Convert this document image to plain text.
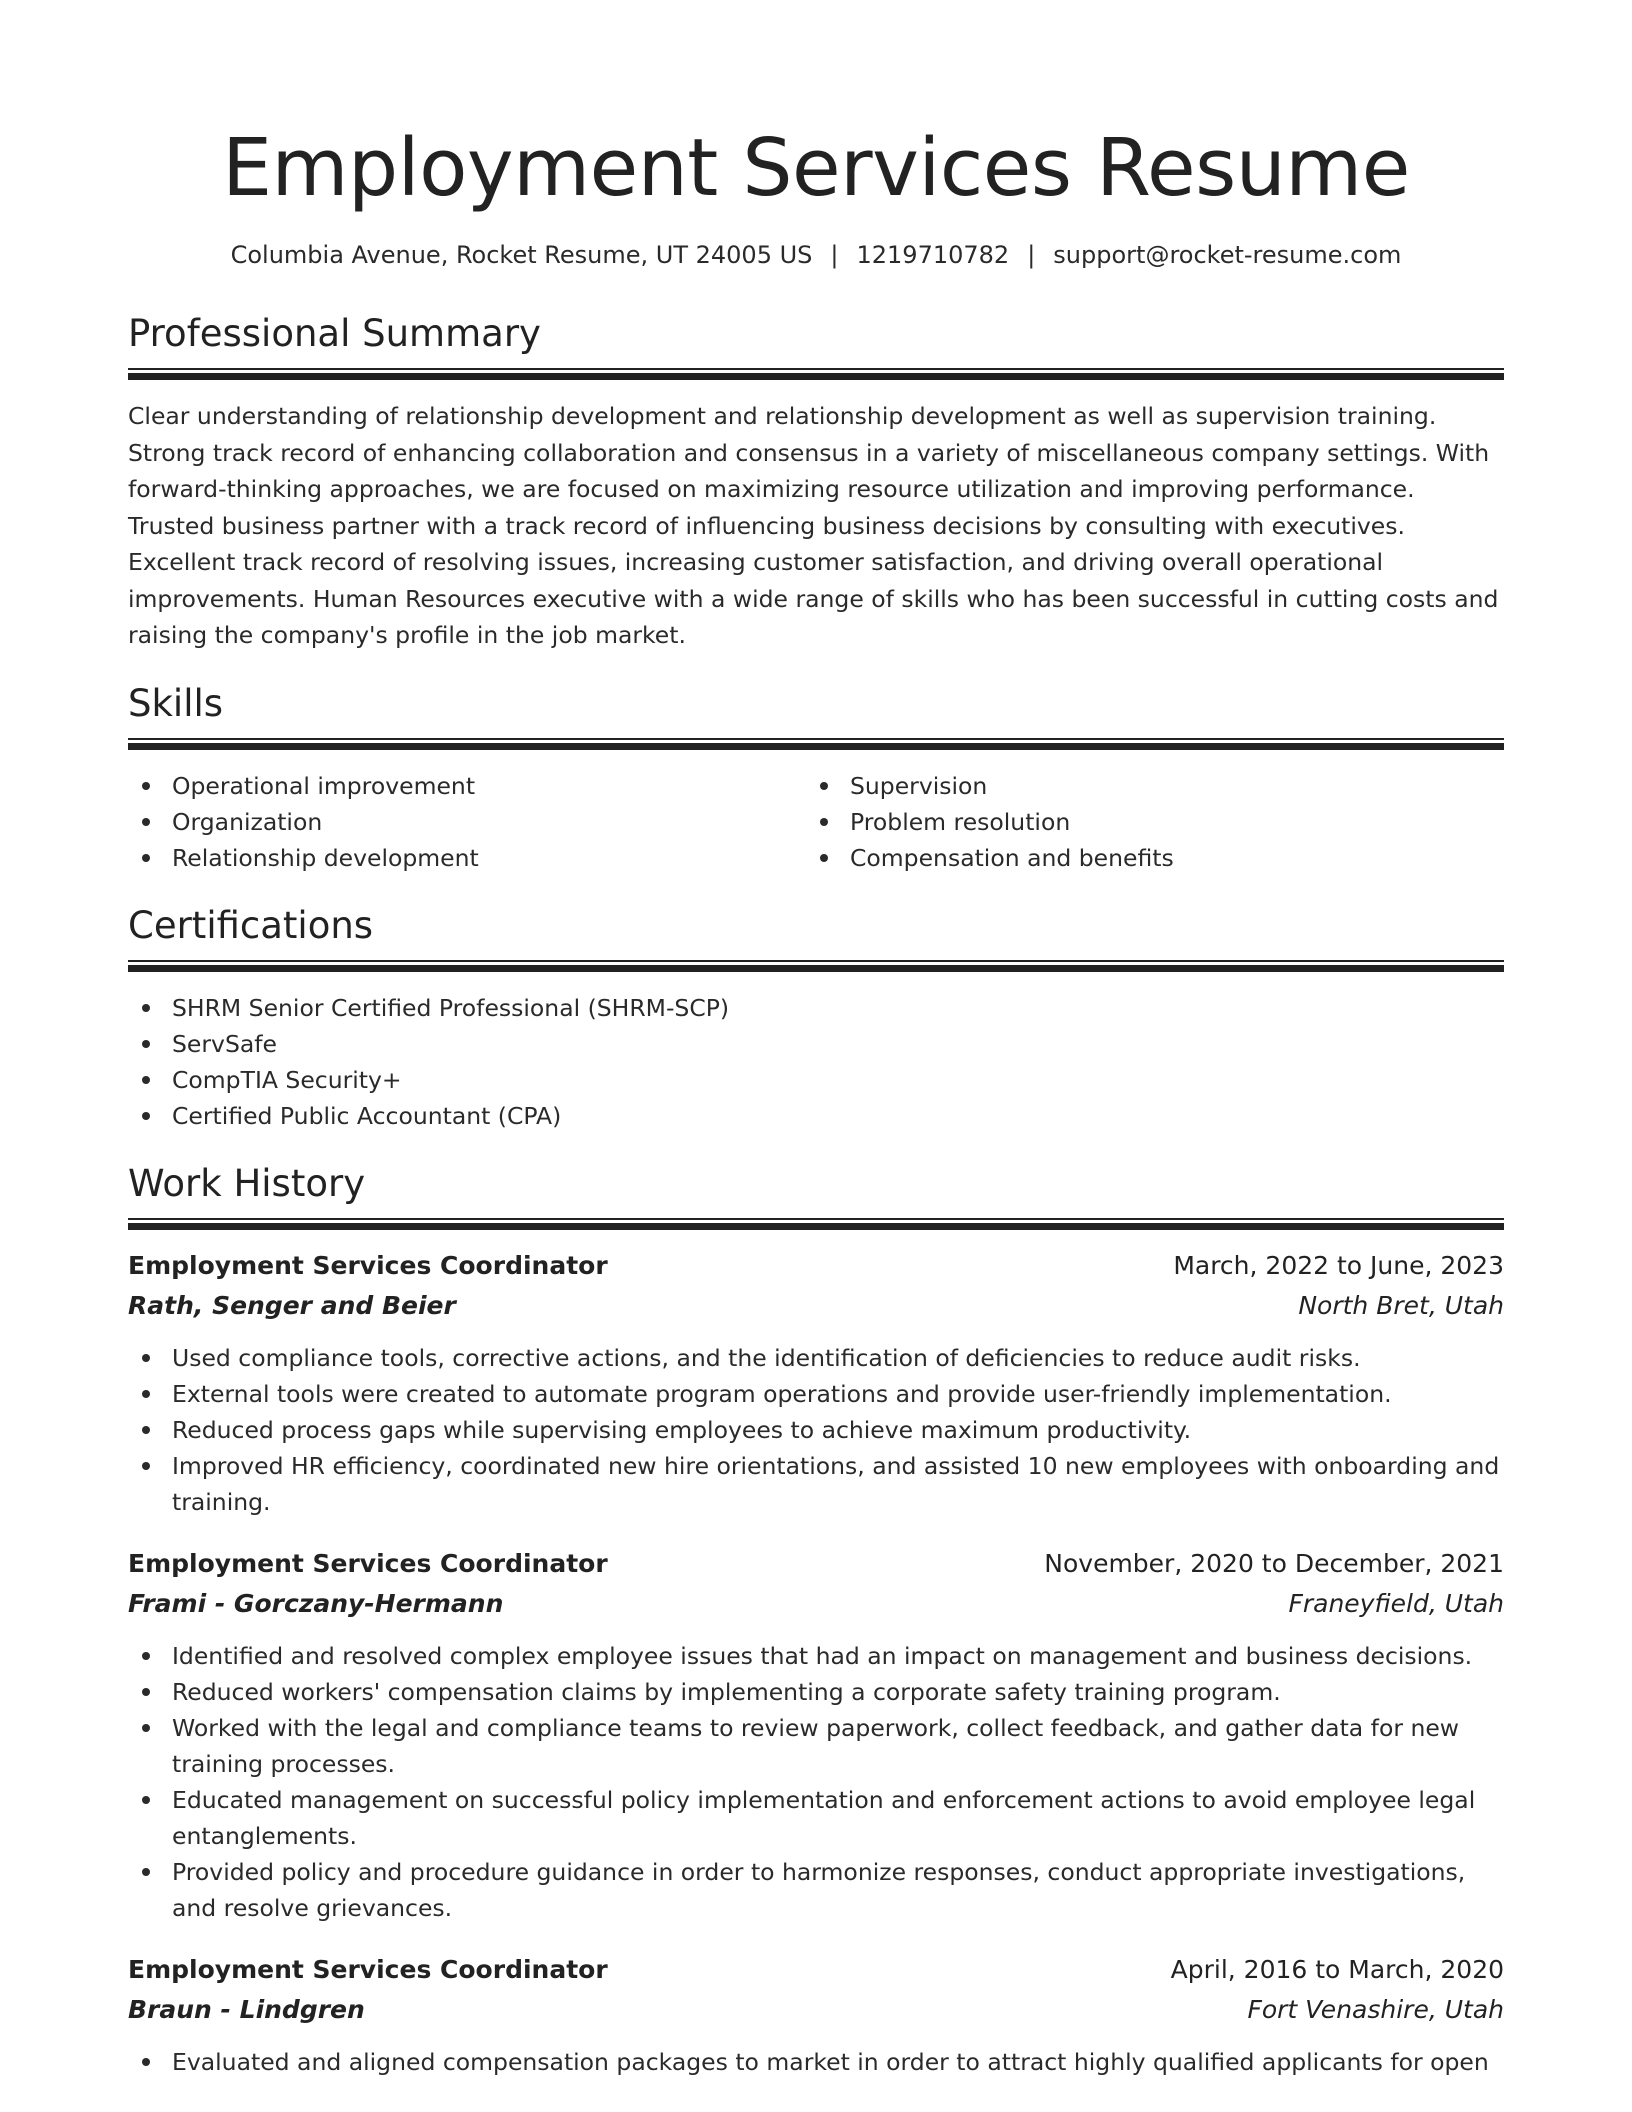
Employment Services Resume
Columbia Avenue, Rocket Resume, UT 24005 US | 1219710782 | support@rocket-resume.com
Professional Summary

Clear understanding of relationship development and relationship development as well as supervision training. Strong track record of enhancing collaboration and consensus in a variety of miscellaneous company settings. With forward-thinking approaches, we are focused on maximizing resource utilization and improving performance. Trusted business partner with a track record of influencing business decisions by consulting with executives. Excellent track record of resolving issues, increasing customer satisfaction, and driving overall operational improvements. Human Resources executive with a wide range of skills who has been successful in cutting costs and raising the company's profile in the job market.

Skills
Operational improvement
Organization
Relationship development
Supervision
Problem resolution
Compensation and benefits
Certifications
SHRM Senior Certified Professional (SHRM-SCP)
ServSafe
CompTIA Security+
Certified Public Accountant (CPA)
Work History
Employment Services Coordinator	March, 2022 to June, 2023
Rath, Senger and Beier	North Bret, Utah
Used compliance tools, corrective actions, and the identification of deficiencies to reduce audit risks.
External tools were created to automate program operations and provide user-friendly implementation.
Reduced process gaps while supervising employees to achieve maximum productivity.
Improved HR efficiency, coordinated new hire orientations, and assisted 10 new employees with onboarding and training.
Employment Services Coordinator	November, 2020 to December, 2021
Frami - Gorczany-Hermann	Franeyfield, Utah
Identified and resolved complex employee issues that had an impact on management and business decisions.
Reduced workers' compensation claims by implementing a corporate safety training program.
Worked with the legal and compliance teams to review paperwork, collect feedback, and gather data for new training processes.
Educated management on successful policy implementation and enforcement actions to avoid employee legal entanglements.
Provided policy and procedure guidance in order to harmonize responses, conduct appropriate investigations, and resolve grievances.
Employment Services Coordinator	April, 2016 to March, 2020
Braun - Lindgren	Fort Venashire, Utah
Evaluated and aligned compensation packages to market in order to attract highly qualified applicants for open
